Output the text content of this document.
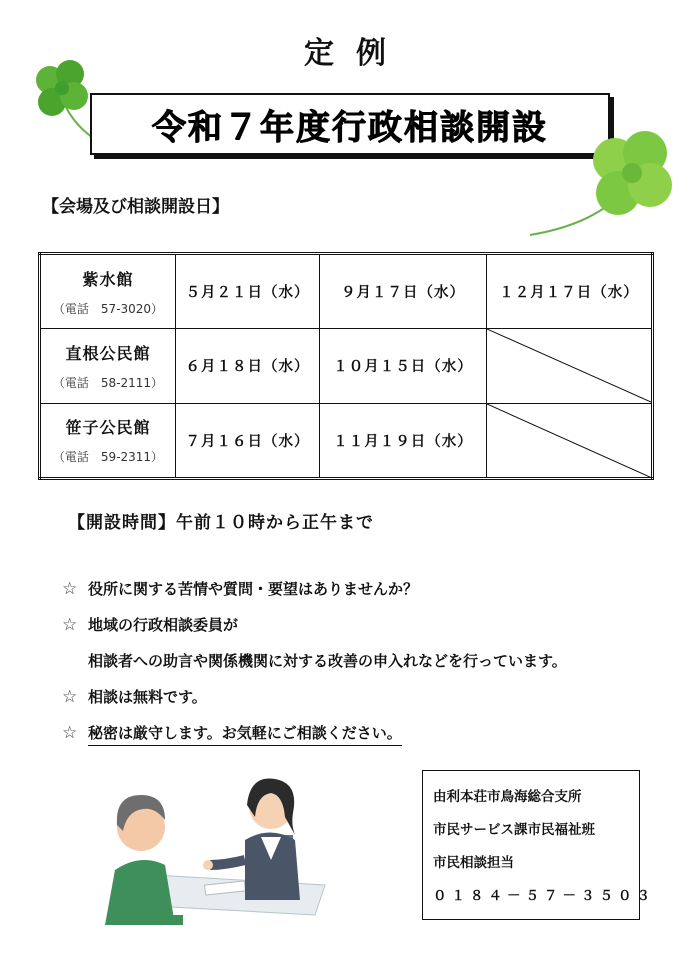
定例
令和７年度行政相談開設
【会場及び相談開設日】
紫水館
（電話　57-3020）	５月２１日（水）	９月１７日（水）	１２月１７日（水）

直根公民館
（電話　58-2111）	６月１８日（水）	１０月１５日（水）	

笹子公民館
（電話　59-2311）	７月１６日（水）	１１月１９日（水）	
【開設時間】午前１０時から正午まで
☆ 役所に関する苦情や質問・要望はありませんか？
☆ 地域の行政相談委員が
相談者への助言や関係機関に対する改善の申入れなどを行っています。
☆ 相談は無料です。
☆ 秘密は厳守します。お気軽にご相談ください。
由利本荘市鳥海総合支所
市民サービス課市民福祉班
市民相談担当
０１８４－５７－３５０３
